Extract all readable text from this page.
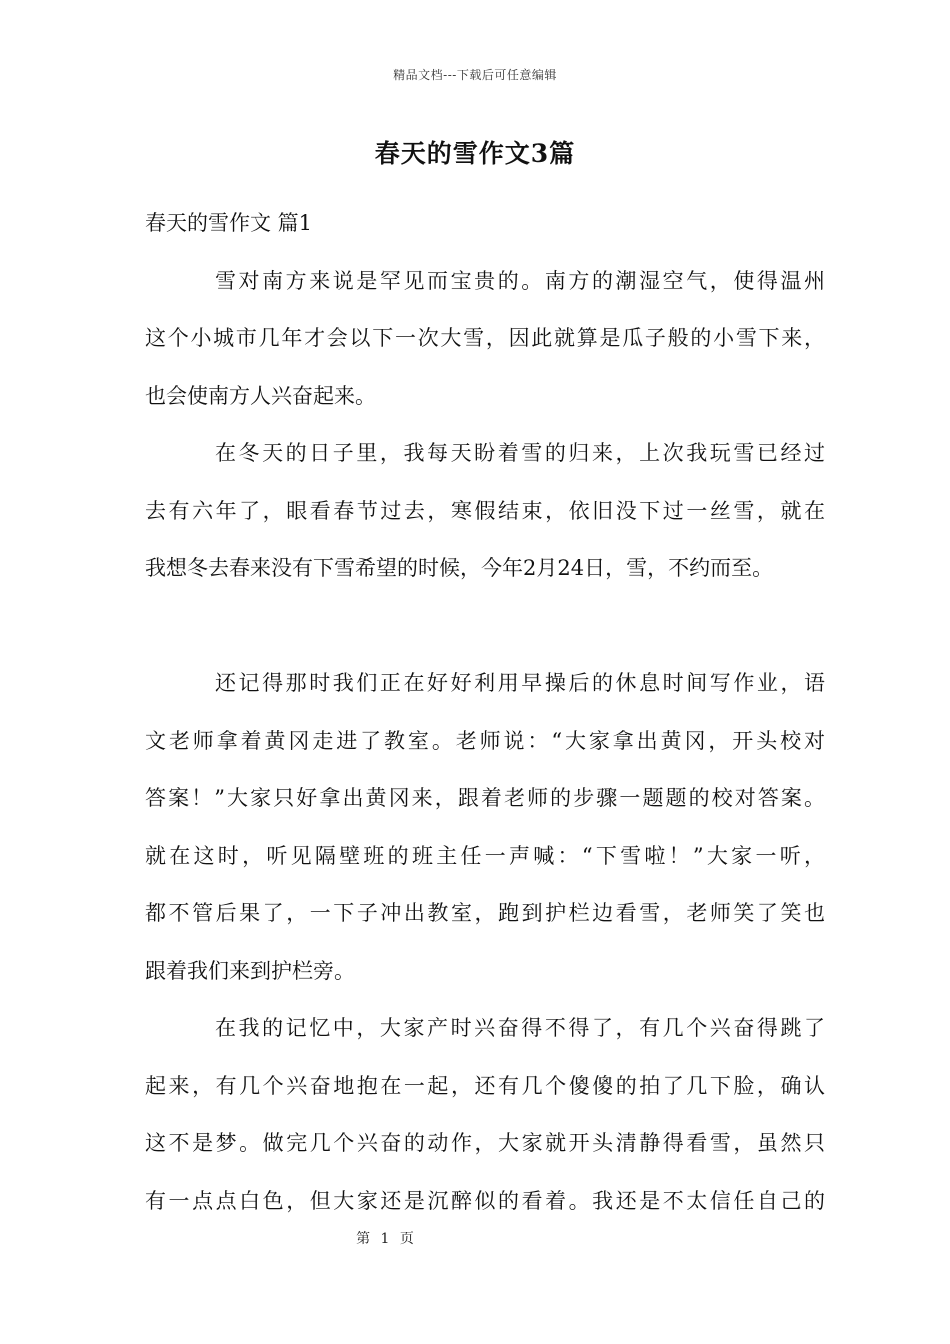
精品文档---下载后可任意编辑
春天的雪作文3篇
春天的雪作文 篇1
雪对南方来说是罕见而宝贵的。南方的潮湿空气，使得温州
这个小城市几年才会以下一次大雪，因此就算是瓜子般的小雪下来，
也会使南方人兴奋起来。
在冬天的日子里，我每天盼着雪的归来，上次我玩雪已经过
去有六年了，眼看春节过去，寒假结束，依旧没下过一丝雪，就在
我想冬去春来没有下雪希望的时候，今年2月24日，雪，不约而至。
还记得那时我们正在好好利用早操后的休息时间写作业，语
文老师拿着黄冈走进了教室。老师说：“大家拿出黄冈，开头校对
答案！”大家只好拿出黄冈来，跟着老师的步骤一题题的校对答案。
就在这时，听见隔壁班的班主任一声喊：“下雪啦！”大家一听，
都不管后果了，一下子冲出教室，跑到护栏边看雪，老师笑了笑也
跟着我们来到护栏旁。
在我的记忆中，大家产时兴奋得不得了，有几个兴奋得跳了
起来，有几个兴奋地抱在一起，还有几个傻傻的拍了几下脸，确认
这不是梦。做完几个兴奋的动作，大家就开头清静得看雪，虽然只
有一点点白色，但大家还是沉醉似的看着。我还是不太信任自己的
第 1 页
